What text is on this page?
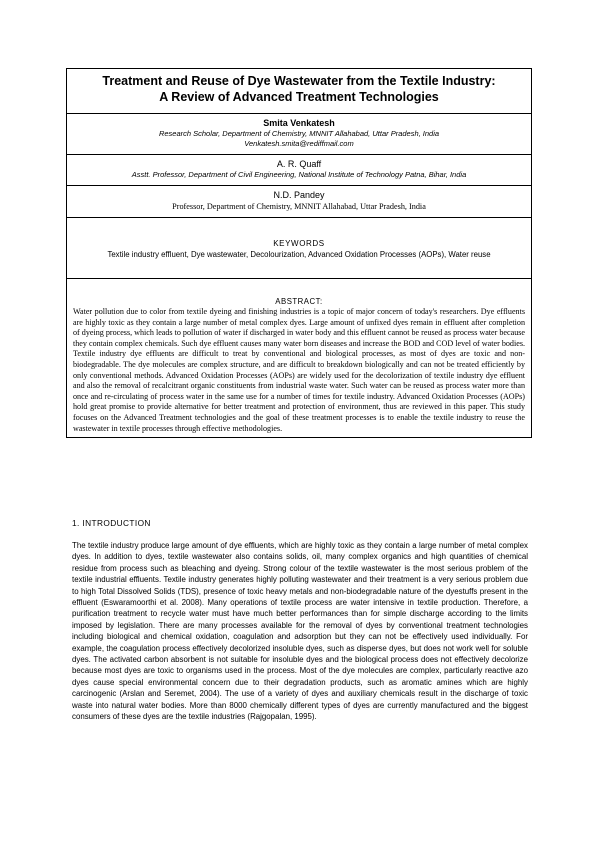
Treatment and Reuse of Dye Wastewater from the Textile Industry:
A Review of Advanced Treatment Technologies

Smita Venkatesh
Research Scholar, Department of Chemistry, MNNIT Allahabad, Uttar Pradesh, India
Venkatesh.smita@rediffmail.com
A. R. Quaff
Asstt. Professor, Department of Civil Engineering, National Institute of Technology Patna, Bihar, India
N.D. Pandey
Professor, Department of Chemistry, MNNIT Allahabad, Uttar Pradesh, India
KEYWORDS
Textile industry effluent, Dye wastewater, Decolourization, Advanced Oxidation Processes (AOPs), Water reuse
ABSTRACT:

Water pollution due to color from textile dyeing and finishing industries is a topic of major concern of today's researchers. Dye effluents are highly toxic as they contain a large number of metal complex dyes. Large amount of unfixed dyes remain in effluent after completion of dyeing process, which leads to pollution of water if discharged in water body and this effluent cannot be reused as process water because they contain complex chemicals. Such dye effluent causes many water born diseases and increase the BOD and COD level of water bodies. Textile industry dye effluents are difficult to treat by conventional and biological processes, as most of dyes are toxic and non-biodegradable. The dye molecules are complex structure, and are difficult to breakdown biologically and can not be treated efficiently by only conventional methods. Advanced Oxidation Processes (AOPs) are widely used for the decolorization of textile industry dye effluent and also the removal of recalcitrant organic constituents from industrial waste water. Such water can be reused as process water more than once and re-circulating of process water in the same use for a number of times for textile industry. Advanced Oxidation Processes (AOPs) hold great promise to provide alternative for better treatment and protection of environment, thus are reviewed in this paper. This study focuses on the Advanced Treatment technologies and the goal of these treatment processes is to enable the textile industry to reuse the wastewater in textile processes through effective methodologies.

1. INTRODUCTION

The textile industry produce large amount of dye effluents, which are highly toxic as they contain a large number of metal complex dyes. In addition to dyes, textile wastewater also contains solids, oil, many complex organics and high quantities of chemical residue from process such as bleaching and dyeing. Strong colour of the textile wastewater is the most serious problem of the textile industrial effluents. Textile industry generates highly polluting wastewater and their treatment is a very serious problem due to high Total Dissolved Solids (TDS), presence of toxic heavy metals and non-biodegradable nature of the dyestuffs present in the effluent (Eswaramoorthi et al. 2008). Many operations of textile process are water intensive in textile production. Therefore, a purification treatment to recycle water must have much better performances than for simple discharge according to the limits imposed by legislation. There are many processes available for the removal of dyes by conventional treatment technologies including biological and chemical oxidation, coagulation and adsorption but they can not be effectively used individually. For example, the coagulation process effectively decolorized insoluble dyes, such as disperse dyes, but does not work well for soluble dyes. The activated carbon absorbent is not suitable for insoluble dyes and the biological process does not effectively decolorize because most dyes are toxic to organisms used in the process. Most of the dye molecules are complex, particularly reactive azo dyes cause special environmental concern due to their degradation products, such as aromatic amines which are highly carcinogenic (Arslan and Seremet, 2004). The use of a variety of dyes and auxiliary chemicals result in the discharge of toxic waste into natural water bodies. More than 8000 chemically different types of dyes are currently manufactured and the biggest consumers of these dyes are the textile industries (Rajgopalan, 1995).
